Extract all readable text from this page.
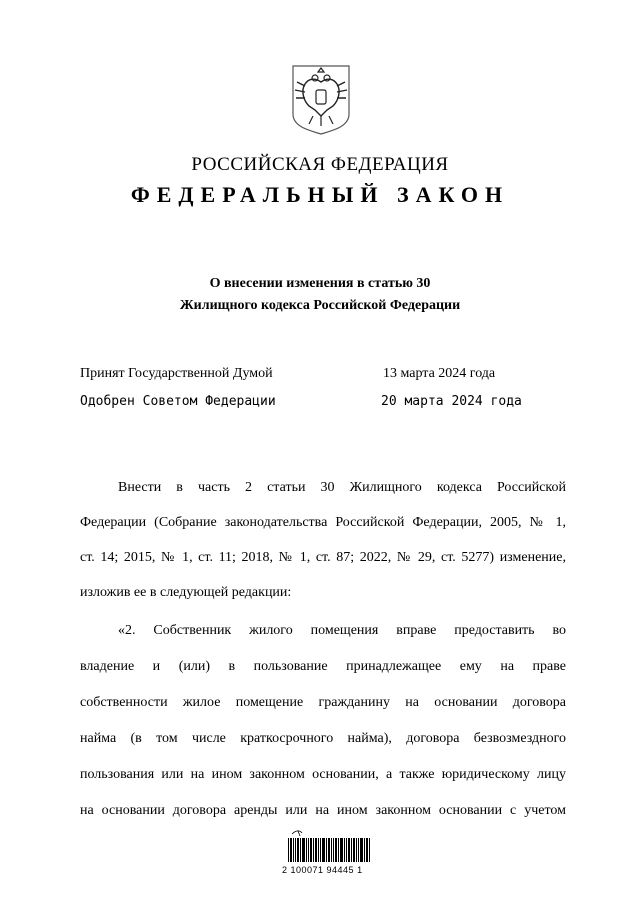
РОССИЙСКАЯ ФЕДЕРАЦИЯ
ФЕДЕРАЛЬНЫЙ ЗАКОН
О внесении изменения в статью 30
Жилищного кодекса Российской Федерации
Принят Государственной Думой	13 марта 2024 года
Одобрен Советом Федерации	20 марта 2024 года
Внести в часть 2 статьи 30 Жилищного кодекса Российской
Федерации (Собрание законодательства Российской Федерации, 2005, № 1,
ст. 14; 2015, № 1, ст. 11; 2018, № 1, ст. 87; 2022, № 29, ст. 5277) изменение,
изложив ее в следующей редакции:
«2. Собственник жилого помещения вправе предоставить во
владение и (или) в пользование принадлежащее ему на праве
собственности жилое помещение гражданину на основании договора
найма (в том числе краткосрочного найма), договора безвозмездного
пользования или на ином законном основании, а также юридическому лицу
на основании договора аренды или на ином законном основании с учетом
2 100071 94445 1
